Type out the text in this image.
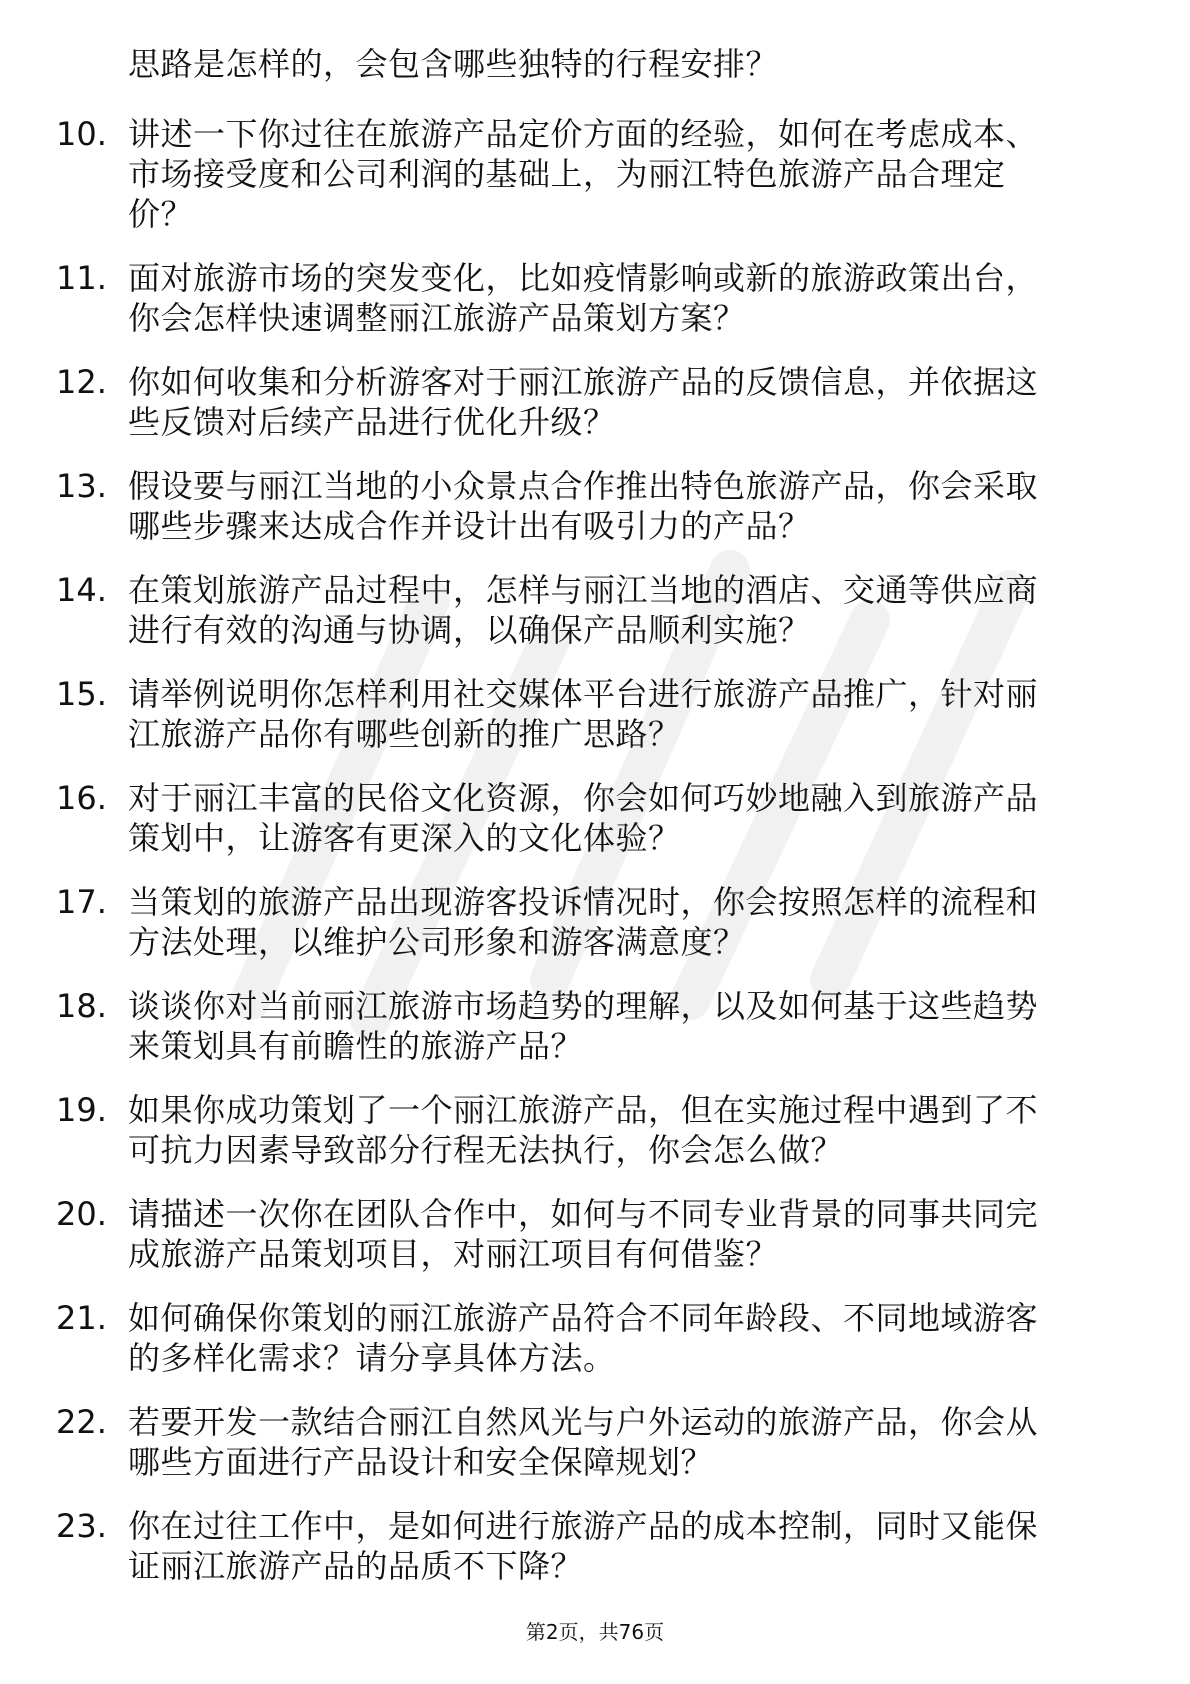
思路是怎样的，会包含哪些独特的行程安排？
10. 讲述一下你过往在旅游产品定价方面的经验，如何在考虑成本、
市场接受度和公司利润的基础上，为丽江特色旅游产品合理定
价？
11. 面对旅游市场的突发变化，比如疫情影响或新的旅游政策出台，
你会怎样快速调整丽江旅游产品策划方案？
12. 你如何收集和分析游客对于丽江旅游产品的反馈信息，并依据这
些反馈对后续产品进行优化升级？
13. 假设要与丽江当地的小众景点合作推出特色旅游产品，你会采取
哪些步骤来达成合作并设计出有吸引力的产品？
14. 在策划旅游产品过程中，怎样与丽江当地的酒店、交通等供应商
进行有效的沟通与协调，以确保产品顺利实施？
15. 请举例说明你怎样利用社交媒体平台进行旅游产品推广，针对丽
江旅游产品你有哪些创新的推广思路？
16. 对于丽江丰富的民俗文化资源，你会如何巧妙地融入到旅游产品
策划中，让游客有更深入的文化体验？
17. 当策划的旅游产品出现游客投诉情况时，你会按照怎样的流程和
方法处理，以维护公司形象和游客满意度？
18. 谈谈你对当前丽江旅游市场趋势的理解，以及如何基于这些趋势
来策划具有前瞻性的旅游产品？
19. 如果你成功策划了一个丽江旅游产品，但在实施过程中遇到了不
可抗力因素导致部分行程无法执行，你会怎么做？
20. 请描述一次你在团队合作中，如何与不同专业背景的同事共同完
成旅游产品策划项目，对丽江项目有何借鉴？
21. 如何确保你策划的丽江旅游产品符合不同年龄段、不同地域游客
的多样化需求？请分享具体方法。
22. 若要开发一款结合丽江自然风光与户外运动的旅游产品，你会从
哪些方面进行产品设计和安全保障规划？
23. 你在过往工作中，是如何进行旅游产品的成本控制，同时又能保
证丽江旅游产品的品质不下降？
第2页，共76页
